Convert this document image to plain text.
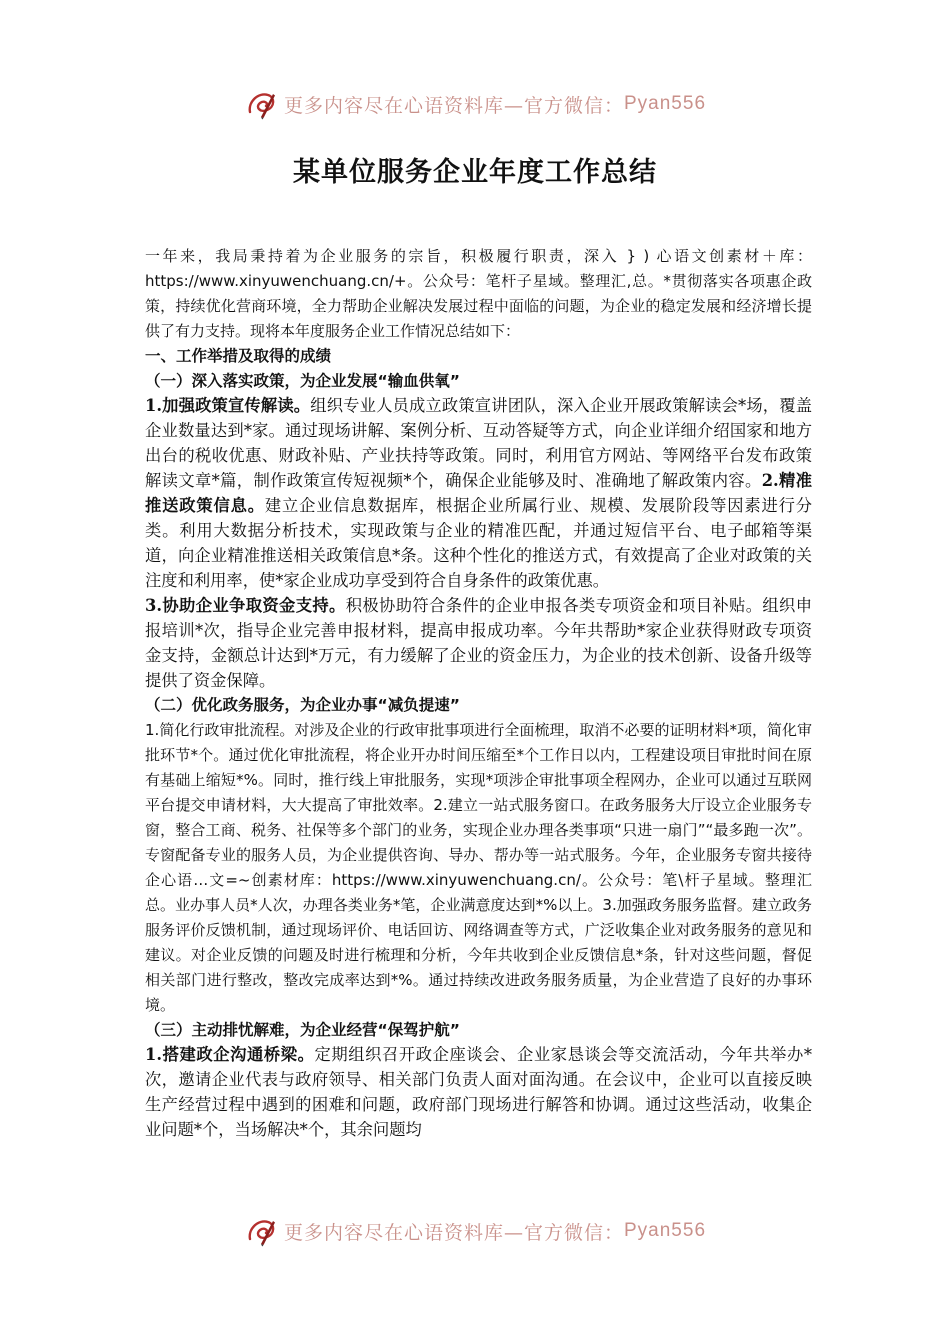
更多内容尽在心语资料库—官方微信： Pyan556
某单位服务企业年度工作总结

一年来，我局秉持着为企业服务的宗旨，积极履行职责，深入 } ) 心语文创素材＋库：https://www.xinyuwenchuang.cn/+。公众号：笔杆子星域。整理汇,总。*贯彻落实各项惠企政策，持续优化营商环境，全力帮助企业解决发展过程中面临的问题，为企业的稳定发展和经济增长提供了有力支持。现将本年度服务企业工作情况总结如下：

一、工作举措及取得的成绩
（一）深入落实政策，为企业发展“输血供氧”

1.加强政策宣传解读。组织专业人员成立政策宣讲团队，深入企业开展政策解读会*场，覆盖企业数量达到*家。通过现场讲解、案例分析、互动答疑等方式，向企业详细介绍国家和地方出台的税收优惠、财政补贴、产业扶持等政策。同时，利用官方网站、等网络平台发布政策解读文章*篇，制作政策宣传短视频*个，确保企业能够及时、准确地了解政策内容。2.精准推送政策信息。建立企业信息数据库，根据企业所属行业、规模、发展阶段等因素进行分类。利用大数据分析技术，实现政策与企业的精准匹配，并通过短信平台、电子邮箱等渠道，向企业精准推送相关政策信息*条。这种个性化的推送方式，有效提高了企业对政策的关注度和利用率，使*家企业成功享受到符合自身条件的政策优惠。

3.协助企业争取资金支持。积极协助符合条件的企业申报各类专项资金和项目补贴。组织申报培训*次，指导企业完善申报材料，提高申报成功率。今年共帮助*家企业获得财政专项资金支持，金额总计达到*万元，有力缓解了企业的资金压力，为企业的技术创新、设备升级等提供了资金保障。

（二）优化政务服务，为企业办事“减负提速”

1.简化行政审批流程。对涉及企业的行政审批事项进行全面梳理，取消不必要的证明材料*项，简化审批环节*个。通过优化审批流程，将企业开办时间压缩至*个工作日以内，工程建设项目审批时间在原有基础上缩短*%。同时，推行线上审批服务，实现*项涉企审批事项全程网办，企业可以通过互联网平台提交申请材料，大大提高了审批效率。2.建立一站式服务窗口。在政务服务大厅设立企业服务专窗，整合工商、税务、社保等多个部门的业务，实现企业办理各类事项“只进一扇门”“最多跑一次”。专窗配备专业的服务人员，为企业提供咨询、导办、帮办等一站式服务。今年，企业服务专窗共接待企心语…文=~创素材库：https://www.xinyuwenchuang.cn/。公众号：笔\杆子星域。整理汇总。业办事人员*人次，办理各类业务*笔，企业满意度达到*%以上。3.加强政务服务监督。建立政务服务评价反馈机制，通过现场评价、电话回访、网络调查等方式，广泛收集企业对政务服务的意见和建议。对企业反馈的问题及时进行梳理和分析，今年共收到企业反馈信息*条，针对这些问题，督促相关部门进行整改，整改完成率达到*%。通过持续改进政务服务质量，为企业营造了良好的办事环境。

（三）主动排忧解难，为企业经营“保驾护航”

1.搭建政企沟通桥梁。定期组织召开政企座谈会、企业家恳谈会等交流活动，今年共举办*次，邀请企业代表与政府领导、相关部门负责人面对面沟通。在会议中，企业可以直接反映生产经营过程中遇到的困难和问题，政府部门现场进行解答和协调。通过这些活动，收集企业问题*个，当场解决*个，其余问题均

更多内容尽在心语资料库—官方微信： Pyan556
